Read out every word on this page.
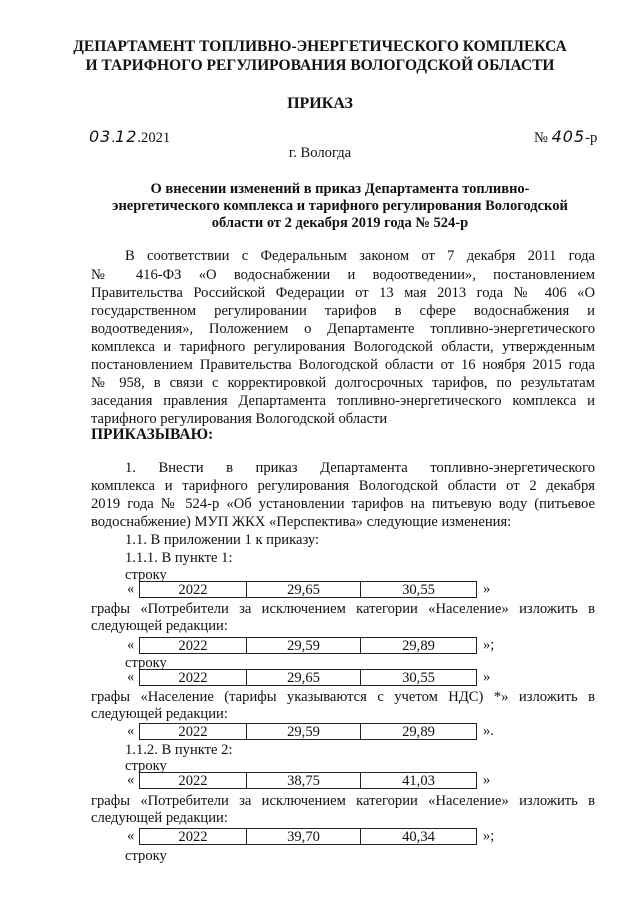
ДЕПАРТАМЕНТ ТОПЛИВНО-ЭНЕРГЕТИЧЕСКОГО КОМПЛЕКСА
И ТАРИФНОГО РЕГУЛИРОВАНИЯ ВОЛОГОДСКОЙ ОБЛАСТИ
ПРИКАЗ
03.12.2021	№ 405-р
г. Вологда
О внесении изменений в приказ Департамента топливно-
энергетического комплекса и тарифного регулирования Вологодской
области от 2 декабря 2019 года № 524-р
В соответствии с Федеральным законом от 7 декабря 2011 года
№ 416-ФЗ «О водоснабжении и водоотведении», постановлением
Правительства Российской Федерации от 13 мая 2013 года № 406 «О
государственном регулировании тарифов в сфере водоснабжения и
водоотведения», Положением о Департаменте топливно-энергетического
комплекса и тарифного регулирования Вологодской области, утвержденным
постановлением Правительства Вологодской области от 16 ноября 2015 года
№ 958, в связи с корректировкой долгосрочных тарифов, по результатам
заседания правления Департамента топливно-энергетического комплекса и
тарифного регулирования Вологодской области
ПРИКАЗЫВАЮ:
1. Внести в приказ Департамента топливно-энергетического
комплекса и тарифного регулирования Вологодской области от 2 декабря
2019 года № 524-р «Об установлении тарифов на питьевую воду (питьевое
водоснабжение) МУП ЖКХ «Перспектива» следующие изменения:
1.1. В приложении 1 к приказу:
1.1.1. В пункте 1:
строку
«	2022	29,65	30,55	»
графы «Потребители за исключением категории «Население» изложить в
следующей редакции:
«	2022	29,59	29,89	»;
строку
«	2022	29,65	30,55	»
графы «Население (тарифы указываются с учетом НДС) *» изложить в
следующей редакции:
«	2022	29,59	29,89	».
1.1.2. В пункте 2:
строку
«	2022	38,75	41,03	»
графы «Потребители за исключением категории «Население» изложить в
следующей редакции:
«	2022	39,70	40,34	»;
строку
